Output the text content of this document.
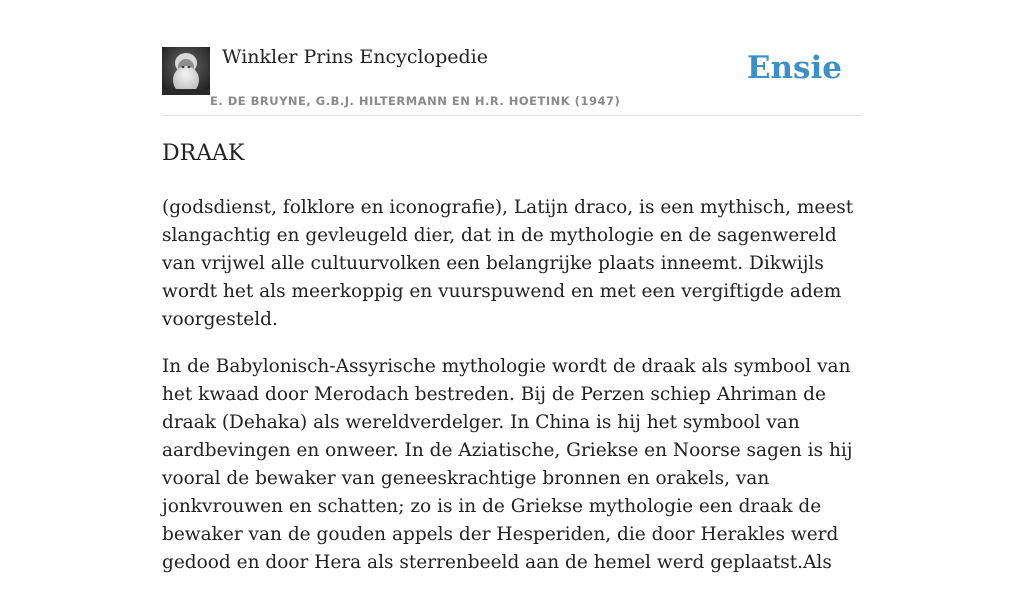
Winkler Prins Encyclopedie
E. DE BRUYNE, G.B.J. HILTERMANN EN H.R. HOETINK (1947)
Ensie
DRAAK

(godsdienst, folklore en iconografie), Latijn draco, is een mythisch, meest slangachtig en gevleugeld dier, dat in de mythologie en de sagenwereld van vrijwel alle cultuurvolken een belangrijke plaats inneemt. Dikwijls wordt het als meerkoppig en vuurspuwend en met een vergiftigde adem voorgesteld.

In de Babylonisch-Assyrische mythologie wordt de draak als symbool van het kwaad door Merodach bestreden. Bij de Perzen schiep Ahriman de draak (Dehaka) als wereldverdelger. In China is hij het symbool van aardbevingen en onweer. In de Aziatische, Griekse en Noorse sagen is hij vooral de bewaker van geneeskrachtige bronnen en orakels, van jonkvrouwen en schatten; zo is in de Griekse mythologie een draak de bewaker van de gouden appels der Hesperiden, die door Herakles werd gedood en door Hera als sterrenbeeld aan de hemel werd geplaatst.Als
